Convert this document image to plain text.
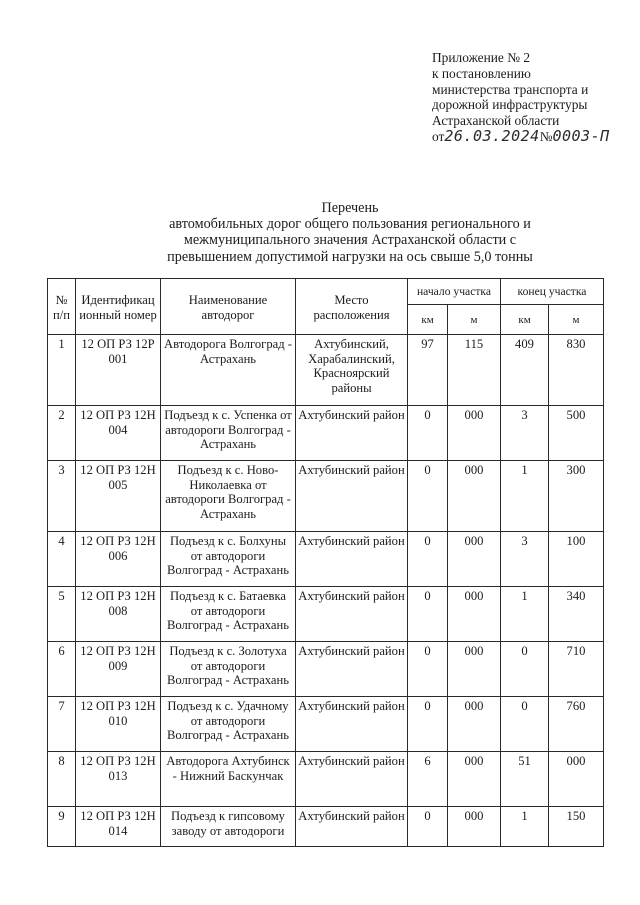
Приложение № 2
к постановлению
министерства транспорта и
дорожной инфраструктуры
Астраханской области
от26.03.2024№0003-П
Перечень
автомобильных дорог общего пользования регионального и
межмуниципального значения Астраханской области с
превышением допустимой нагрузки на ось свыше 5,0 тонны
№ п/п	Идентификац ионный номер	Наименование автодорог	Место расположения	начало участка		конец участка	
				км	м	км	м
1	12 ОП РЗ 12Р 001	Автодорога Волгоград - Астрахань	Ахтубинский, Харабалинский, Красноярский районы	97	115	409	830
2	12 ОП РЗ 12Н 004	Подъезд к с. Успенка от автодороги Волгоград - Астрахань	Ахтубинский район	0	000	3	500
3	12 ОП РЗ 12Н 005	Подъезд к с. Ново-Николаевка от автодороги Волгоград - Астрахань	Ахтубинский район	0	000	1	300
4	12 ОП РЗ 12Н 006	Подъезд к с. Болхуны от автодороги Волгоград - Астрахань	Ахтубинский район	0	000	3	100
5	12 ОП РЗ 12Н 008	Подъезд к с. Батаевка от автодороги Волгоград - Астрахань	Ахтубинский район	0	000	1	340
6	12 ОП РЗ 12Н 009	Подъезд к с. Золотуха от автодороги Волгоград - Астрахань	Ахтубинский район	0	000	0	710
7	12 ОП РЗ 12Н 010	Подъезд к с. Удачному от автодороги Волгоград - Астрахань	Ахтубинский район	0	000	0	760
8	12 ОП РЗ 12Н 013	Автодорога Ахтубинск - Нижний Баскунчак	Ахтубинский район	6	000	51	000
9	12 ОП РЗ 12Н 014	Подъезд к гипсовому заводу от автодороги	Ахтубинский район	0	000	1	150
